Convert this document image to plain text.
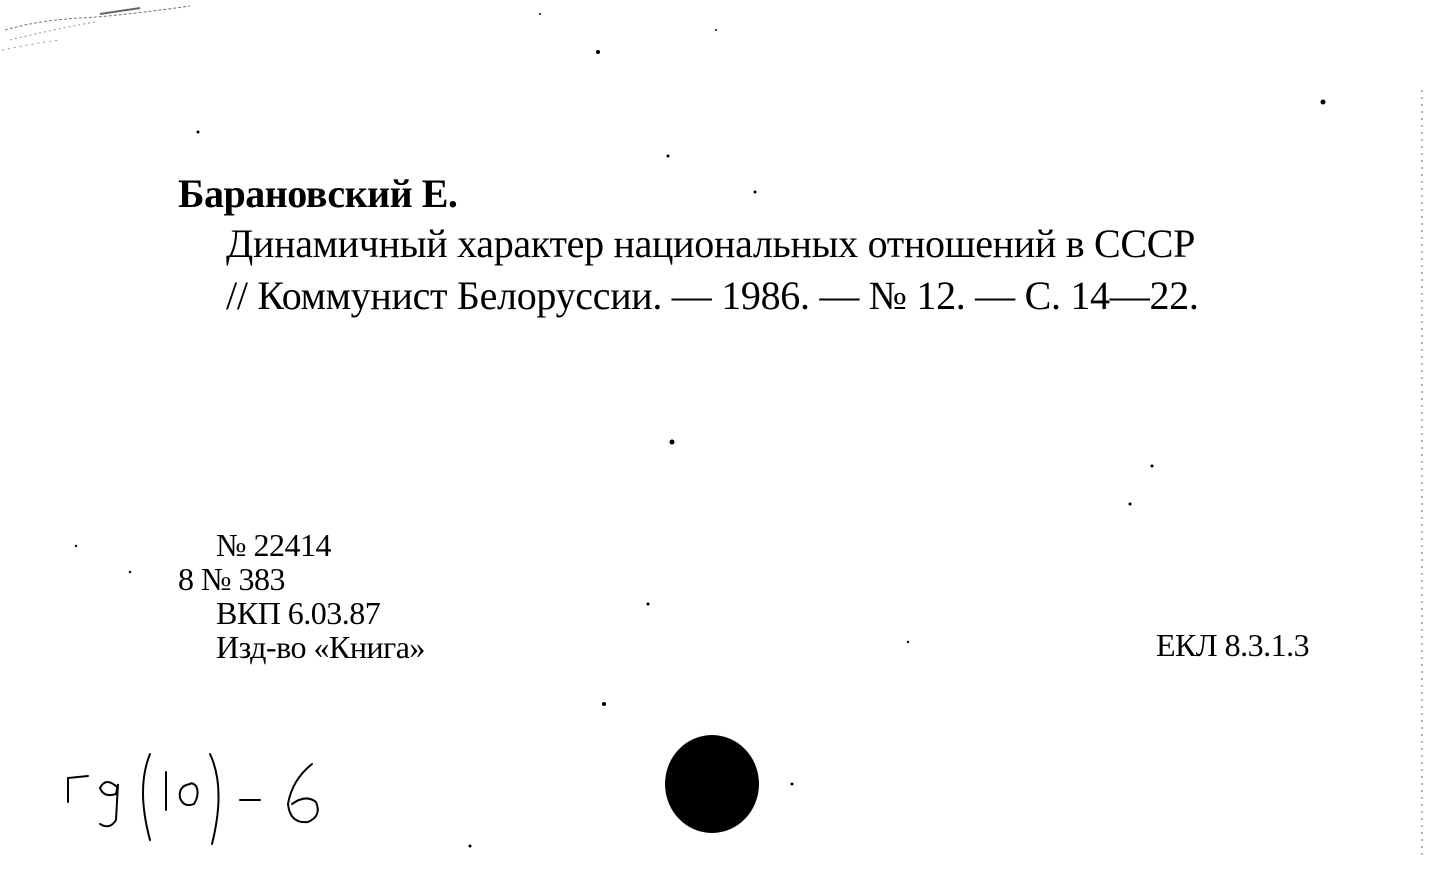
Барановский Е.

Динамичный характер национальных отношений в СССР

// Коммунист Белоруссии. — 1986. — № 12. — С. 14—22.

№ 22414
8 № 383
ВКП 6.03.87
Изд-во «Книга»	ЕКЛ 8.3.1.3
